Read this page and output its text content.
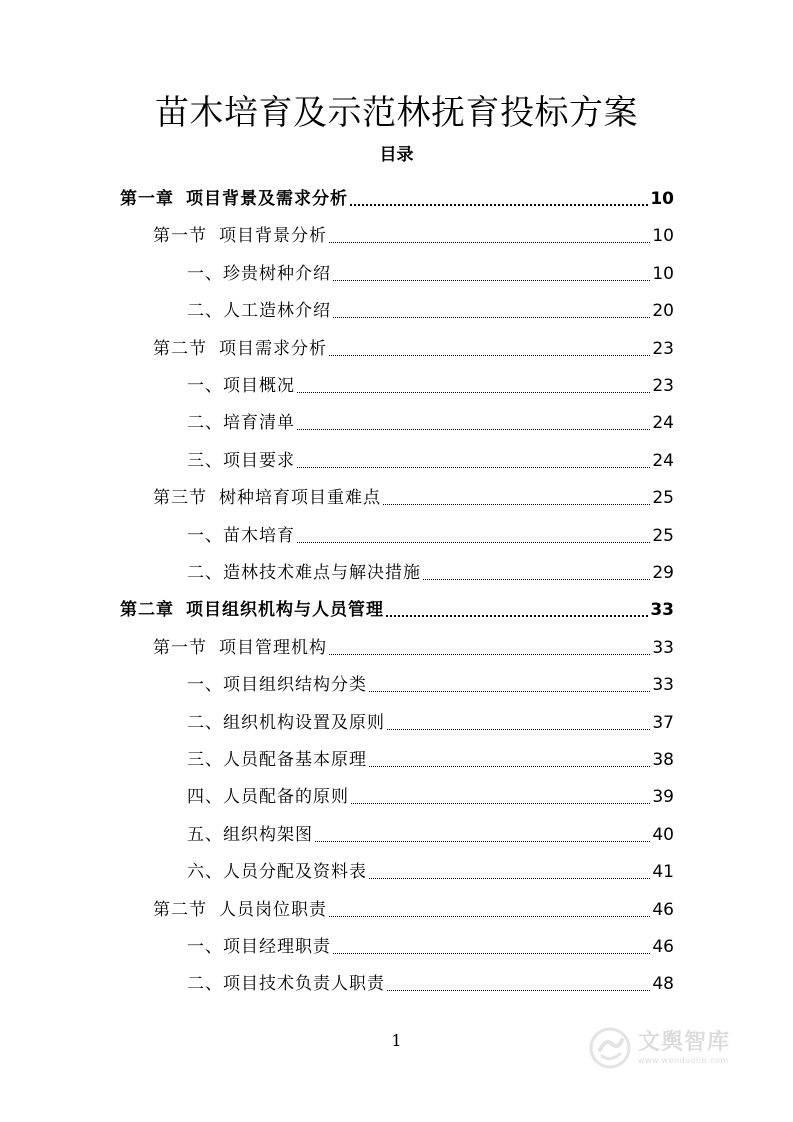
苗木培育及示范林抚育投标方案
目录
第一章 项目背景及需求分析	10
第一节 项目背景分析	10
一、珍贵树种介绍	10
二、人工造林介绍	20
第二节 项目需求分析	23
一、项目概况	23
二、培育清单	24
三、项目要求	24
第三节 树种培育项目重难点	25
一、苗木培育	25
二、造林技术难点与解决措施	29
第二章 项目组织机构与人员管理	33
第一节 项目管理机构	33
一、项目组织结构分类	33
二、组织机构设置及原则	37
三、人员配备基本原理	38
四、人员配备的原则	39
五、组织构架图	40
六、人员分配及资料表	41
第二节 人员岗位职责	46
一、项目经理职责	46
二、项目技术负责人职责	48
1	文舆智库
www.wenduolib.com
